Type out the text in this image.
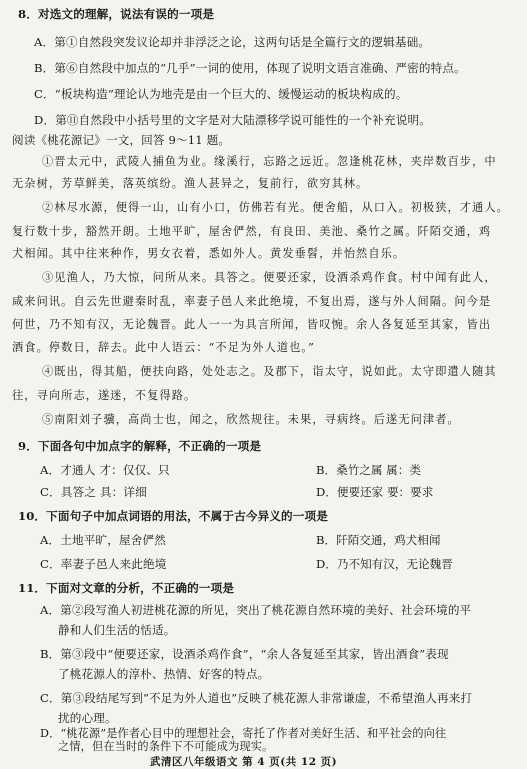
8．对选文的理解，说法有误的一项是
A．第①自然段突发议论却并非浮泛之论，这两句话是全篇行文的逻辑基础。
B．第⑥自然段中加点的“几乎”一词的使用，体现了说明文语言准确、严密的特点。
C．“板块构造”理论认为地壳是由一个巨大的、缓慢运动的板块构成的。
D．第⑪自然段中小括号里的文字是对大陆漂移学说可能性的一个补充说明。
阅读《桃花源记》一文，回答 9～11 题。
①晋太元中，武陵人捕鱼为业。缘溪行，忘路之远近。忽逢桃花林，夹岸数百步，中
无杂树，芳草鲜美，落英缤纷。渔人甚异之，复前行，欲穷其林。
②林尽水源，便得一山，山有小口，仿佛若有光。便舍船，从口入。初极狭，才通人。
复行数十步，豁然开朗。土地平旷，屋舍俨然，有良田、美池、桑竹之属。阡陌交通，鸡
犬相闻。其中往来种作，男女衣着，悉如外人。黄发垂髫，并怡然自乐。
③见渔人，乃大惊，问所从来。具答之。便要还家，设酒杀鸡作食。村中闻有此人，
咸来问讯。自云先世避秦时乱，率妻子邑人来此绝境，不复出焉，遂与外人间隔。问今是
何世，乃不知有汉，无论魏晋。此人一一为具言所闻，皆叹惋。余人各复延至其家，皆出
酒食。停数日，辞去。此中人语云：“不足为外人道也。”
④既出，得其船，便扶向路，处处志之。及郡下，诣太守，说如此。太守即遣人随其
往，寻向所志，遂迷，不复得路。
⑤南阳刘子骥，高尚士也，闻之，欣然规往。未果，寻病终。后遂无问津者。
9．下面各句中加点字的解释，不正确的一项是
A．才通人 才：仅仅、只	B．桑竹之属 属：类
C．具答之 具：详细	D．便要还家 要：要求
10．下面句子中加点词语的用法，不属于古今异义的一项是
A．土地平旷，屋舍俨然	B．阡陌交通，鸡犬相闻
C．率妻子邑人来此绝境	D．乃不知有汉，无论魏晋
11．下面对文章的分析，不正确的一项是
A．第②段写渔人初进桃花源的所见，突出了桃花源自然环境的美好、社会环境的平
静和人们生活的恬适。
B．第③段中“便要还家，设酒杀鸡作食”，“余人各复延至其家，皆出酒食”表现
了桃花源人的淳朴、热情、好客的特点。
C．第③段结尾写到“不足为外人道也”反映了桃花源人非常谦虚，不希望渔人再来打
扰的心理。
武清区八年级语文 第 4 页(共 12 页)
D．“桃花源”是作者心目中的理想社会，寄托了作者对美好生活、和平社会的向往
之情，但在当时的条件下不可能成为现实。
